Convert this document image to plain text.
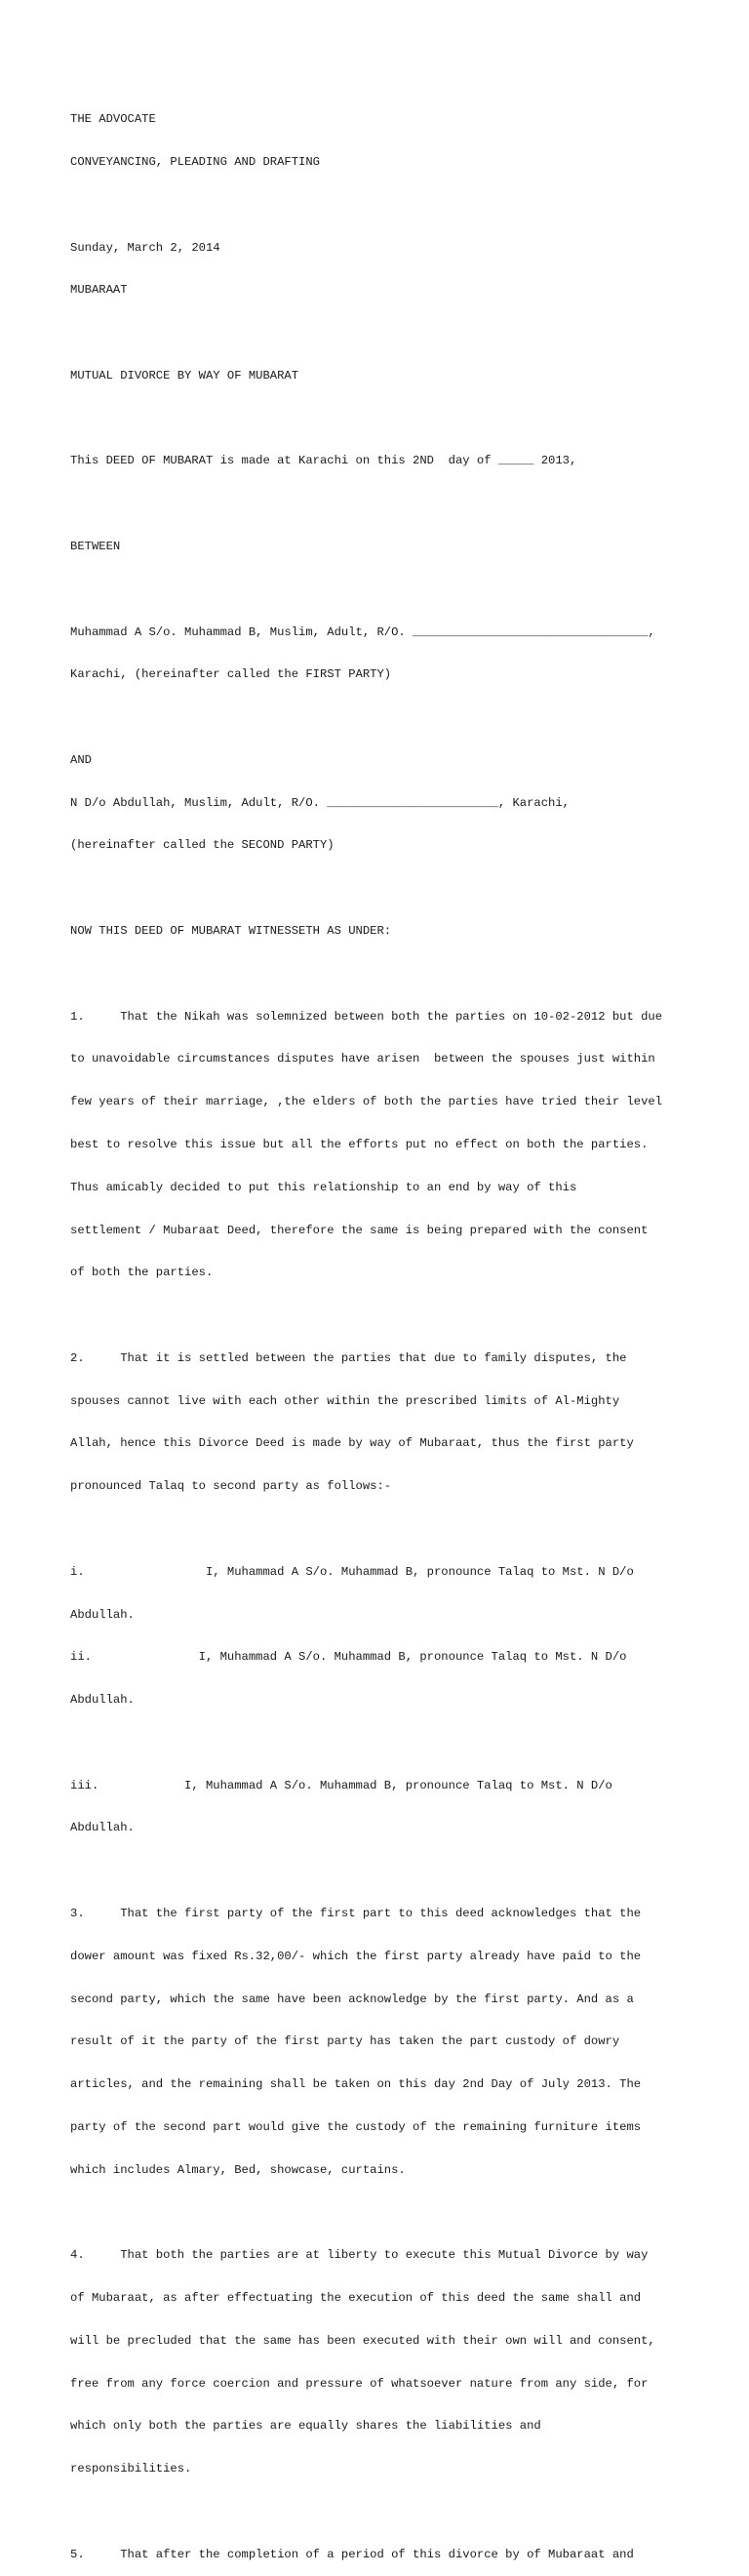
THE ADVOCATE

CONVEYANCING, PLEADING AND DRAFTING

Sunday, March 2, 2014

MUBARAAT

MUTUAL DIVORCE BY WAY OF MUBARAT

This DEED OF MUBARAT is made at Karachi on this 2ND  day of _____ 2013,

BETWEEN

Muhammad A S/o. Muhammad B, Muslim, Adult, R/O. _________________________________,

Karachi, (hereinafter called the FIRST PARTY)

AND

N D/o Abdullah, Muslim, Adult, R/O. ________________________, Karachi,

(hereinafter called the SECOND PARTY)

NOW THIS DEED OF MUBARAT WITNESSETH AS UNDER:

1.     That the Nikah was solemnized between both the parties on 10-02-2012 but due

to unavoidable circumstances disputes have arisen  between the spouses just within

few years of their marriage, ,the elders of both the parties have tried their level

best to resolve this issue but all the efforts put no effect on both the parties.

Thus amicably decided to put this relationship to an end by way of this

settlement / Mubaraat Deed, therefore the same is being prepared with the consent

of both the parties.

2.     That it is settled between the parties that due to family disputes, the

spouses cannot live with each other within the prescribed limits of Al-Mighty

Allah, hence this Divorce Deed is made by way of Mubaraat, thus the first party

pronounced Talaq to second party as follows:-

i.                 I, Muhammad A S/o. Muhammad B, pronounce Talaq to Mst. N D/o

Abdullah.

ii.               I, Muhammad A S/o. Muhammad B, pronounce Talaq to Mst. N D/o

Abdullah.

iii.            I, Muhammad A S/o. Muhammad B, pronounce Talaq to Mst. N D/o

Abdullah.

3.     That the first party of the first part to this deed acknowledges that the

dower amount was fixed Rs.32,00/- which the first party already have paid to the

second party, which the same have been acknowledge by the first party. And as a

result of it the party of the first party has taken the part custody of dowry

articles, and the remaining shall be taken on this day 2nd Day of July 2013. The

party of the second part would give the custody of the remaining furniture items

which includes Almary, Bed, showcase, curtains.

4.     That both the parties are at liberty to execute this Mutual Divorce by way

of Mubaraat, as after effectuating the execution of this deed the same shall and

will be precluded that the same has been executed with their own will and consent,

free from any force coercion and pressure of whatsoever nature from any side, for

which only both the parties are equally shares the liabilities and

responsibilities.

5.     That after the completion of a period of this divorce by of Mubaraat and
